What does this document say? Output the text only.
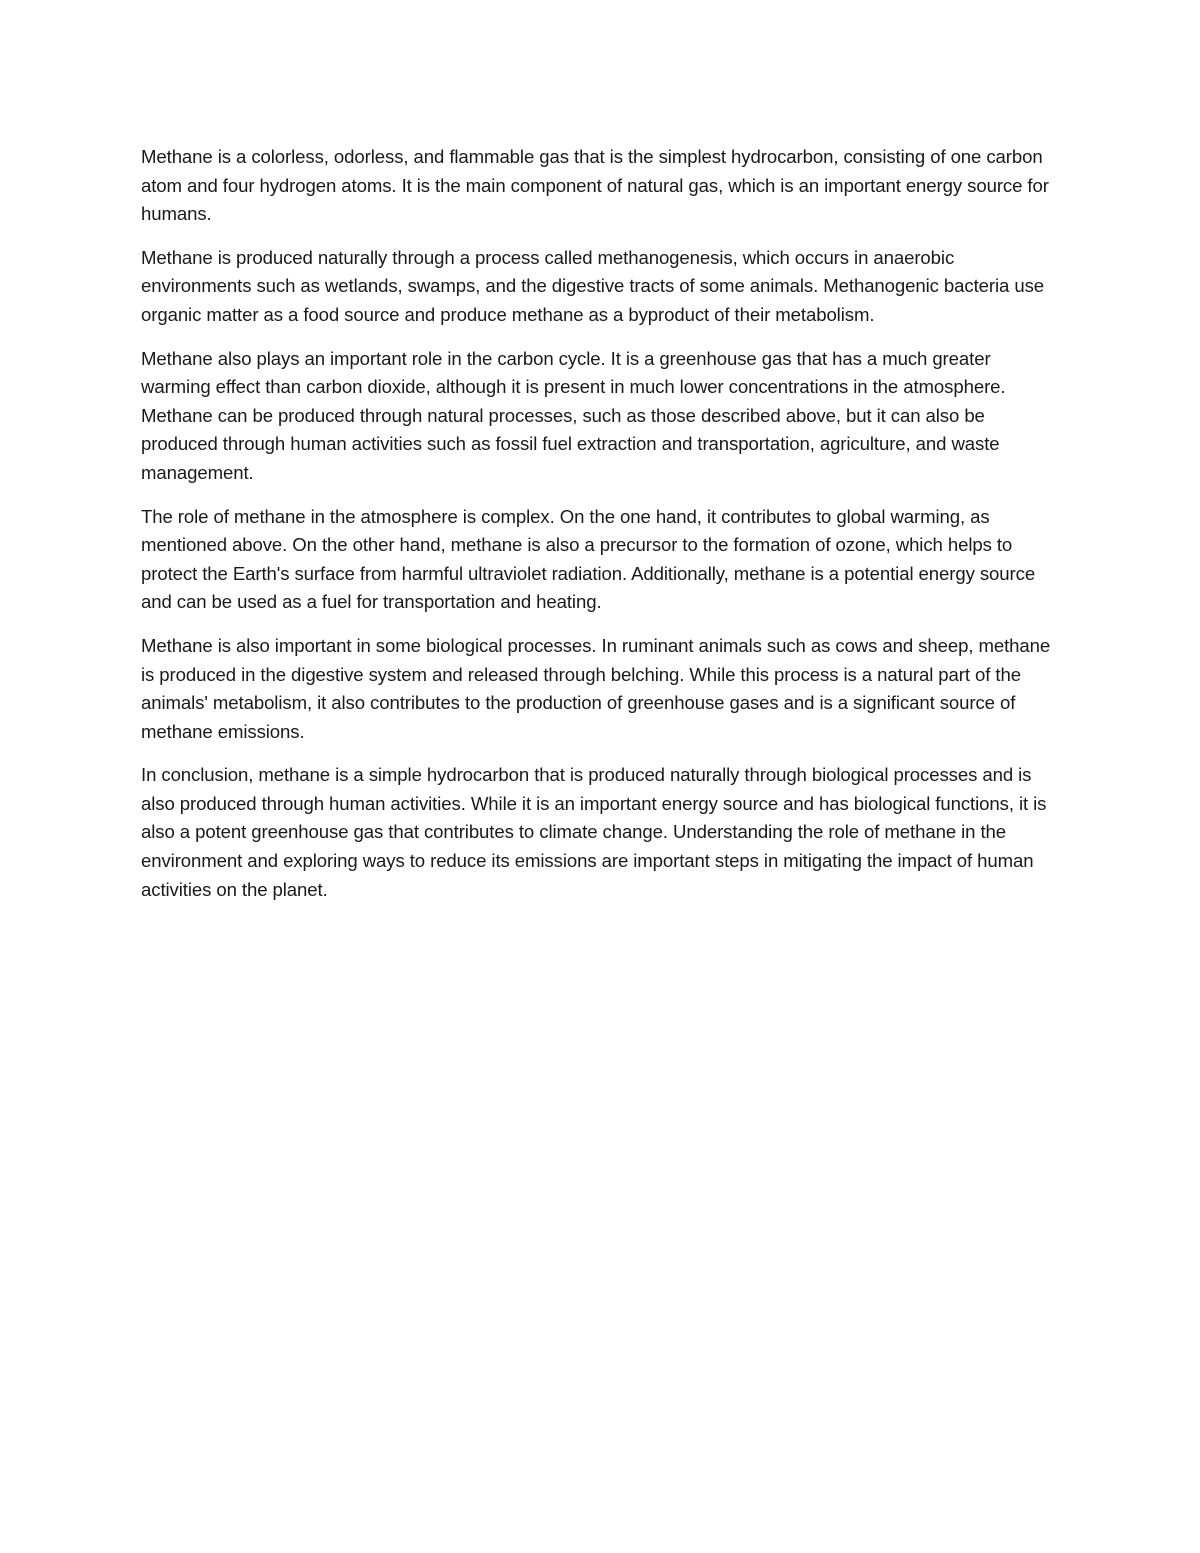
Methane is a colorless, odorless, and flammable gas that is the simplest hydrocarbon, consisting of one carbon atom and four hydrogen atoms. It is the main component of natural gas, which is an important energy source for humans.

Methane is produced naturally through a process called methanogenesis, which occurs in anaerobic environments such as wetlands, swamps, and the digestive tracts of some animals. Methanogenic bacteria use organic matter as a food source and produce methane as a byproduct of their metabolism.

Methane also plays an important role in the carbon cycle. It is a greenhouse gas that has a much greater warming effect than carbon dioxide, although it is present in much lower concentrations in the atmosphere. Methane can be produced through natural processes, such as those described above, but it can also be produced through human activities such as fossil fuel extraction and transportation, agriculture, and waste management.

The role of methane in the atmosphere is complex. On the one hand, it contributes to global warming, as mentioned above. On the other hand, methane is also a precursor to the formation of ozone, which helps to protect the Earth's surface from harmful ultraviolet radiation. Additionally, methane is a potential energy source and can be used as a fuel for transportation and heating.

Methane is also important in some biological processes. In ruminant animals such as cows and sheep, methane is produced in the digestive system and released through belching. While this process is a natural part of the animals' metabolism, it also contributes to the production of greenhouse gases and is a significant source of methane emissions.

In conclusion, methane is a simple hydrocarbon that is produced naturally through biological processes and is also produced through human activities. While it is an important energy source and has biological functions, it is also a potent greenhouse gas that contributes to climate change. Understanding the role of methane in the environment and exploring ways to reduce its emissions are important steps in mitigating the impact of human activities on the planet.
